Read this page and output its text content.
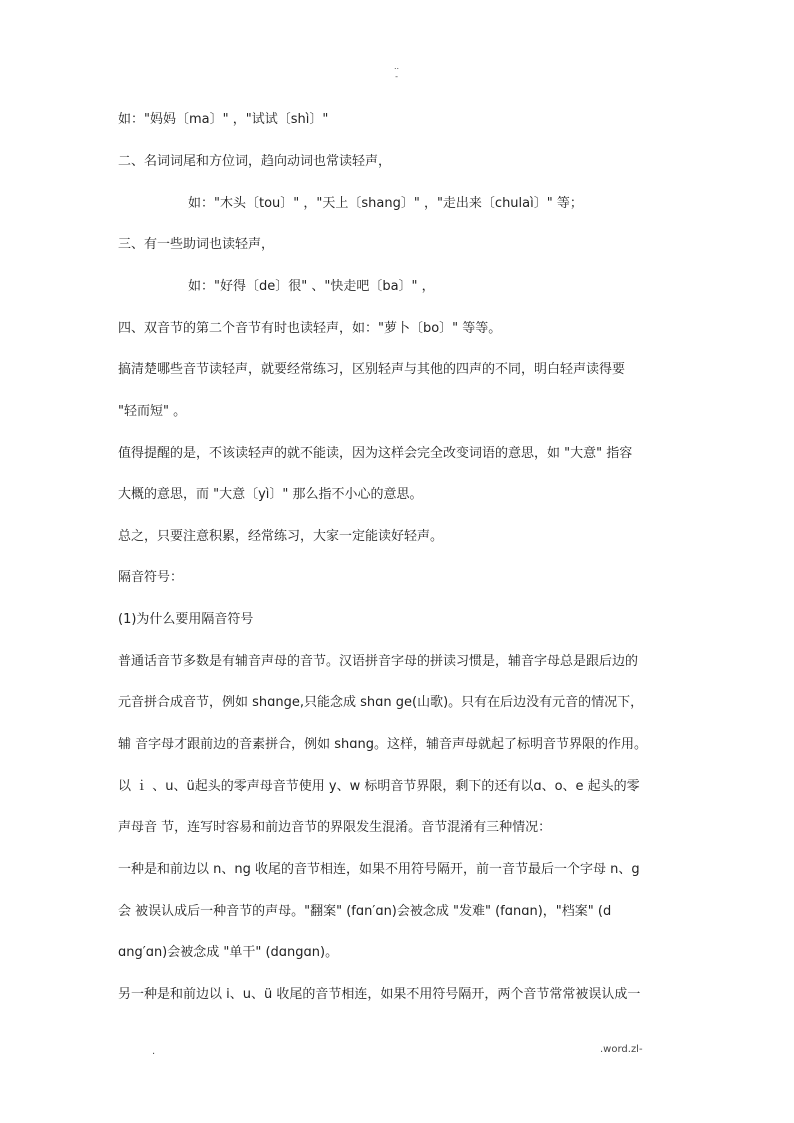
..
-
如："妈妈〔ma〕" ，"试试〔shì〕"
二、名词词尾和方位词，趋向动词也常读轻声，
如："木头〔tou〕" ，"天上〔shang〕" ，"走出来〔chulaì〕" 等；
三、有一些助词也读轻声，
如："好得〔de〕很" 、"快走吧〔ba〕" ，
四、双音节的第二个音节有时也读轻声，如："萝卜〔bo〕" 等等。
搞清楚哪些音节读轻声，就要经常练习，区别轻声与其他的四声的不同，明白轻声读得要
"轻而短" 。
值得提醒的是，不该读轻声的就不能读，因为这样会完全改变词语的意思，如 "大意" 指容
大概的意思，而 "大意〔yì〕" 那么指不小心的意思。
总之，只要注意积累，经常练习，大家一定能读好轻声。
隔音符号：
(1)为什么要用隔音符号
普通话音节多数是有辅音声母的音节。汉语拼音字母的拼读习惯是，辅音字母总是跟后边的
元音拼合成音节，例如 shɑnge,只能念成 shɑn ge(山歌)。只有在后边没有元音的情况下，
辅 音字母才跟前边的音素拼合，例如 shɑng。这样，辅音声母就起了标明音节界限的作用。
以 ｉ 、u、ü起头的零声母音节使用 y、w 标明音节界限，剩下的还有以ɑ、o、e 起头的零
声母音 节，连写时容易和前边音节的界限发生混淆。音节混淆有三种情况：
一种是和前边以 n、ng 收尾的音节相连，如果不用符号隔开，前一音节最后一个字母 n、g
会 被误认成后一种音节的声母。"翻案" (fɑn′ɑn)会被念成 "发难" (fɑnɑn)，"档案" (d
ɑng′ɑn)会被念成 "单干" (dɑngɑn)。
另一种是和前边以 i、u、ü 收尾的音节相连，如果不用符号隔开，两个音节常常被误认成一
.	.word.zl-
